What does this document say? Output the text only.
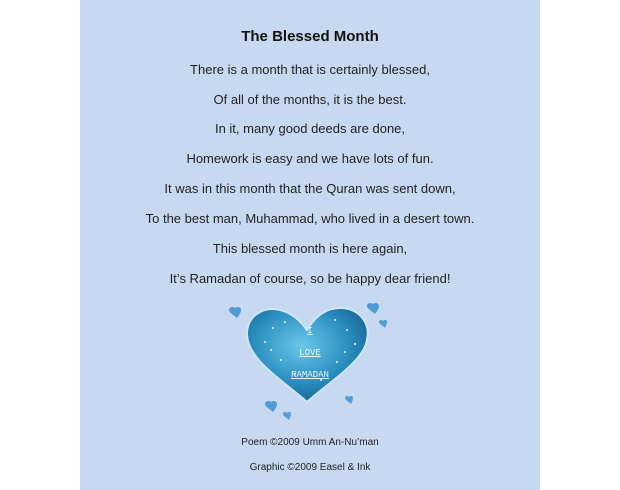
The Blessed Month
There is a month that is certainly blessed,
Of all of the months, it is the best.
In it, many good deeds are done,
Homework is easy and we have lots of fun.
It was in this month that the Quran was sent down,
To the best man, Muhammad, who lived in a desert town.
This blessed month is here again,
It’s Ramadan of course, so be happy dear friend!
I
LOVE
RAMADAN
Poem ©2009 Umm An-Nu’man
Graphic ©2009 Easel & Ink
